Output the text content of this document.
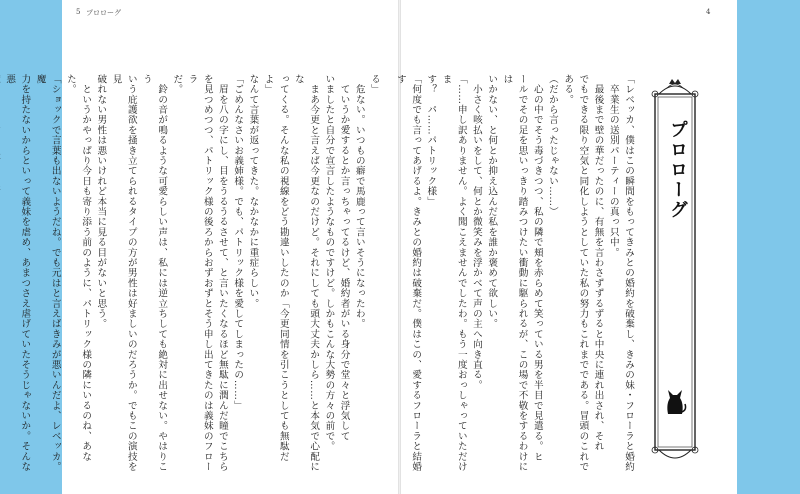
5 プロローグ	4
プロローグ
「レベッカ、僕はこの瞬間をもってきみとの婚約を破棄し、きみの妹・フローラと婚約
　卒業生の送別パーティーの真っ只中。
　最後まで壁の華だったのに、有無を言わさずずるずると中央に連れ出され、それ
でもできる限り空気と同化しようとしていた私の努力もこれまでである。冒頭のこれである。
（だから言ったじゃない……）
　心の中でそう毒づきつつ、私の隣で頬を赤らめて笑っている男を半目で見遣る。ヒ
ールでその足を思いっきり踏みつけたい衝動に駆られるが、この場で不敬をするわけには
いかない、と何とか抑え込んだ私を誰か褒めて欲しい。
　小さく咳払いをして、何とか微笑みを浮かべて声の主へ向き直る。
「……申し訳ありません。よく聞こえませんでしたわ。もう一度おっしゃっていただけま
す？　パ……パトリック様」
「何度でも言ってあげるよ。きみとの婚約は破棄だ。僕はこの、愛するフローラと結婚す
る」
　危ない。いつもの癖で馬鹿って言いそうになったわ。
　ていうか愛するとか言っちゃってるけど、婚約者がいる身分で堂々と浮気して
いましたと自分で宣言したようなものですけど。しかもこんな大勢の方々の前で。
　まあ今更と言えば今更なのだけど。それにしても頭大丈夫かしら……と本気で心配にな
ってくる。そんな私の視線をどう勘違いしたのか「今更同情を引こうとしても無駄だよ」
なんて言葉が返ってきた。なかなかに重症らしい。
「ごめんなさいお義姉様。でも、パトリック様を愛してしまったの……」
　眉を八の字にし、目をうるうるさせて、と言いたくなるほど無駄に潤んだ瞳でこちら
を見つめつつ、パトリック様の後ろからおずおずとそう申し出てきたのは義妹のフローラ
だ。
　鈴の音が鳴るような可愛らしい声は、私には逆立ちしても絶対に出せない。やはりこう
いう庇護欲を掻き立てられるタイプの方が男性は好ましいのだろうか。でもこの演技を見
破れない男性は悪いけれど本当に見る目がないと思う。
　というかやっぱり今日も寄り添う前のように、パトリック様の隣にいるのね、あなた。
「ショックで言葉も出ないようだね。でも元はと言えばきみが悪いんだよ、レベッカ。魔
力を持たないからといって義妹を虐め、あまつさえ虐げていたそうじゃないか。そんな悪
